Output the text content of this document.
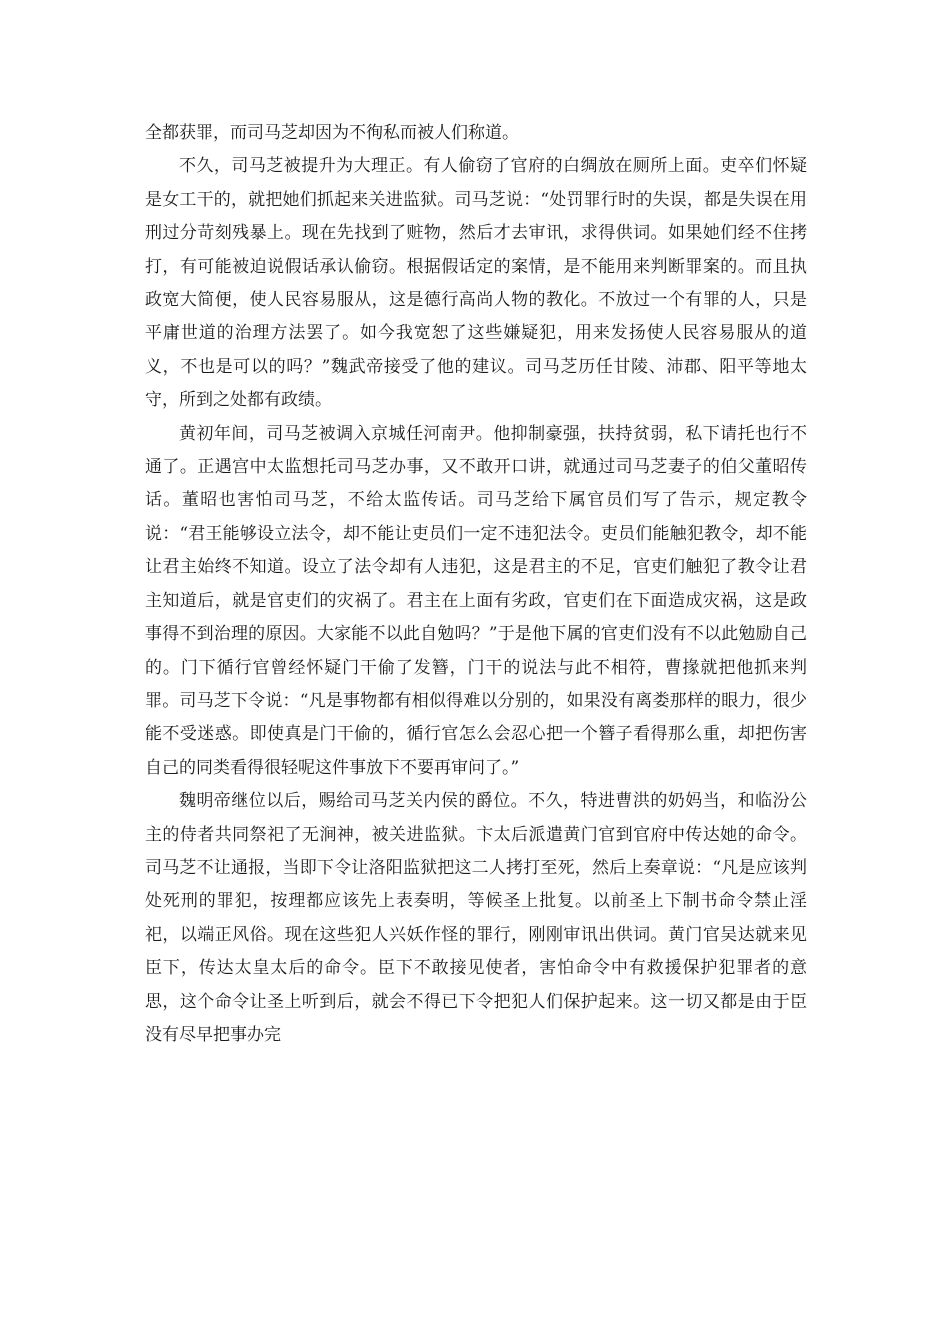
全都获罪，而司马芝却因为不徇私而被人们称道。

不久，司马芝被提升为大理正。有人偷窃了官府的白绸放在厕所上面。吏卒们怀疑是女工干的，就把她们抓起来关进监狱。司马芝说：“处罚罪行时的失误，都是失误在用刑过分苛刻残暴上。现在先找到了赃物，然后才去审讯，求得供词。如果她们经不住拷打，有可能被迫说假话承认偷窃。根据假话定的案情，是不能用来判断罪案的。而且执政宽大简便，使人民容易服从，这是德行高尚人物的教化。不放过一个有罪的人，只是平庸世道的治理方法罢了。如今我宽恕了这些嫌疑犯，用来发扬使人民容易服从的道义，不也是可以的吗？”魏武帝接受了他的建议。司马芝历任甘陵、沛郡、阳平等地太守，所到之处都有政绩。

黄初年间，司马芝被调入京城任河南尹。他抑制豪强，扶持贫弱，私下请托也行不通了。正遇宫中太监想托司马芝办事，又不敢开口讲，就通过司马芝妻子的伯父董昭传话。董昭也害怕司马芝，不给太监传话。司马芝给下属官员们写了告示，规定教令说：“君王能够设立法令，却不能让吏员们一定不违犯法令。吏员们能触犯教令，却不能让君主始终不知道。设立了法令却有人违犯，这是君主的不足，官吏们触犯了教令让君主知道后，就是官吏们的灾祸了。君主在上面有劣政，官吏们在下面造成灾祸，这是政事得不到治理的原因。大家能不以此自勉吗？”于是他下属的官吏们没有不以此勉励自己的。门下循行官曾经怀疑门干偷了发簪，门干的说法与此不相符，曹掾就把他抓来判罪。司马芝下令说：“凡是事物都有相似得难以分别的，如果没有离娄那样的眼力，很少能不受迷惑。即使真是门干偷的，循行官怎么会忍心把一个簪子看得那么重，却把伤害自己的同类看得很轻呢这件事放下不要再审问了。”

魏明帝继位以后，赐给司马芝关内侯的爵位。不久，特进曹洪的奶妈当，和临汾公主的侍者共同祭祀了无涧神，被关进监狱。卞太后派遣黄门官到官府中传达她的命令。司马芝不让通报，当即下令让洛阳监狱把这二人拷打至死，然后上奏章说：“凡是应该判处死刑的罪犯，按理都应该先上表奏明，等候圣上批复。以前圣上下制书命令禁止淫祀，以端正风俗。现在这些犯人兴妖作怪的罪行，刚刚审讯出供词。黄门官吴达就来见臣下，传达太皇太后的命令。臣下不敢接见使者，害怕命令中有救援保护犯罪者的意思，这个命令让圣上听到后，就会不得已下令把犯人们保护起来。这一切又都是由于臣没有尽早把事办完
